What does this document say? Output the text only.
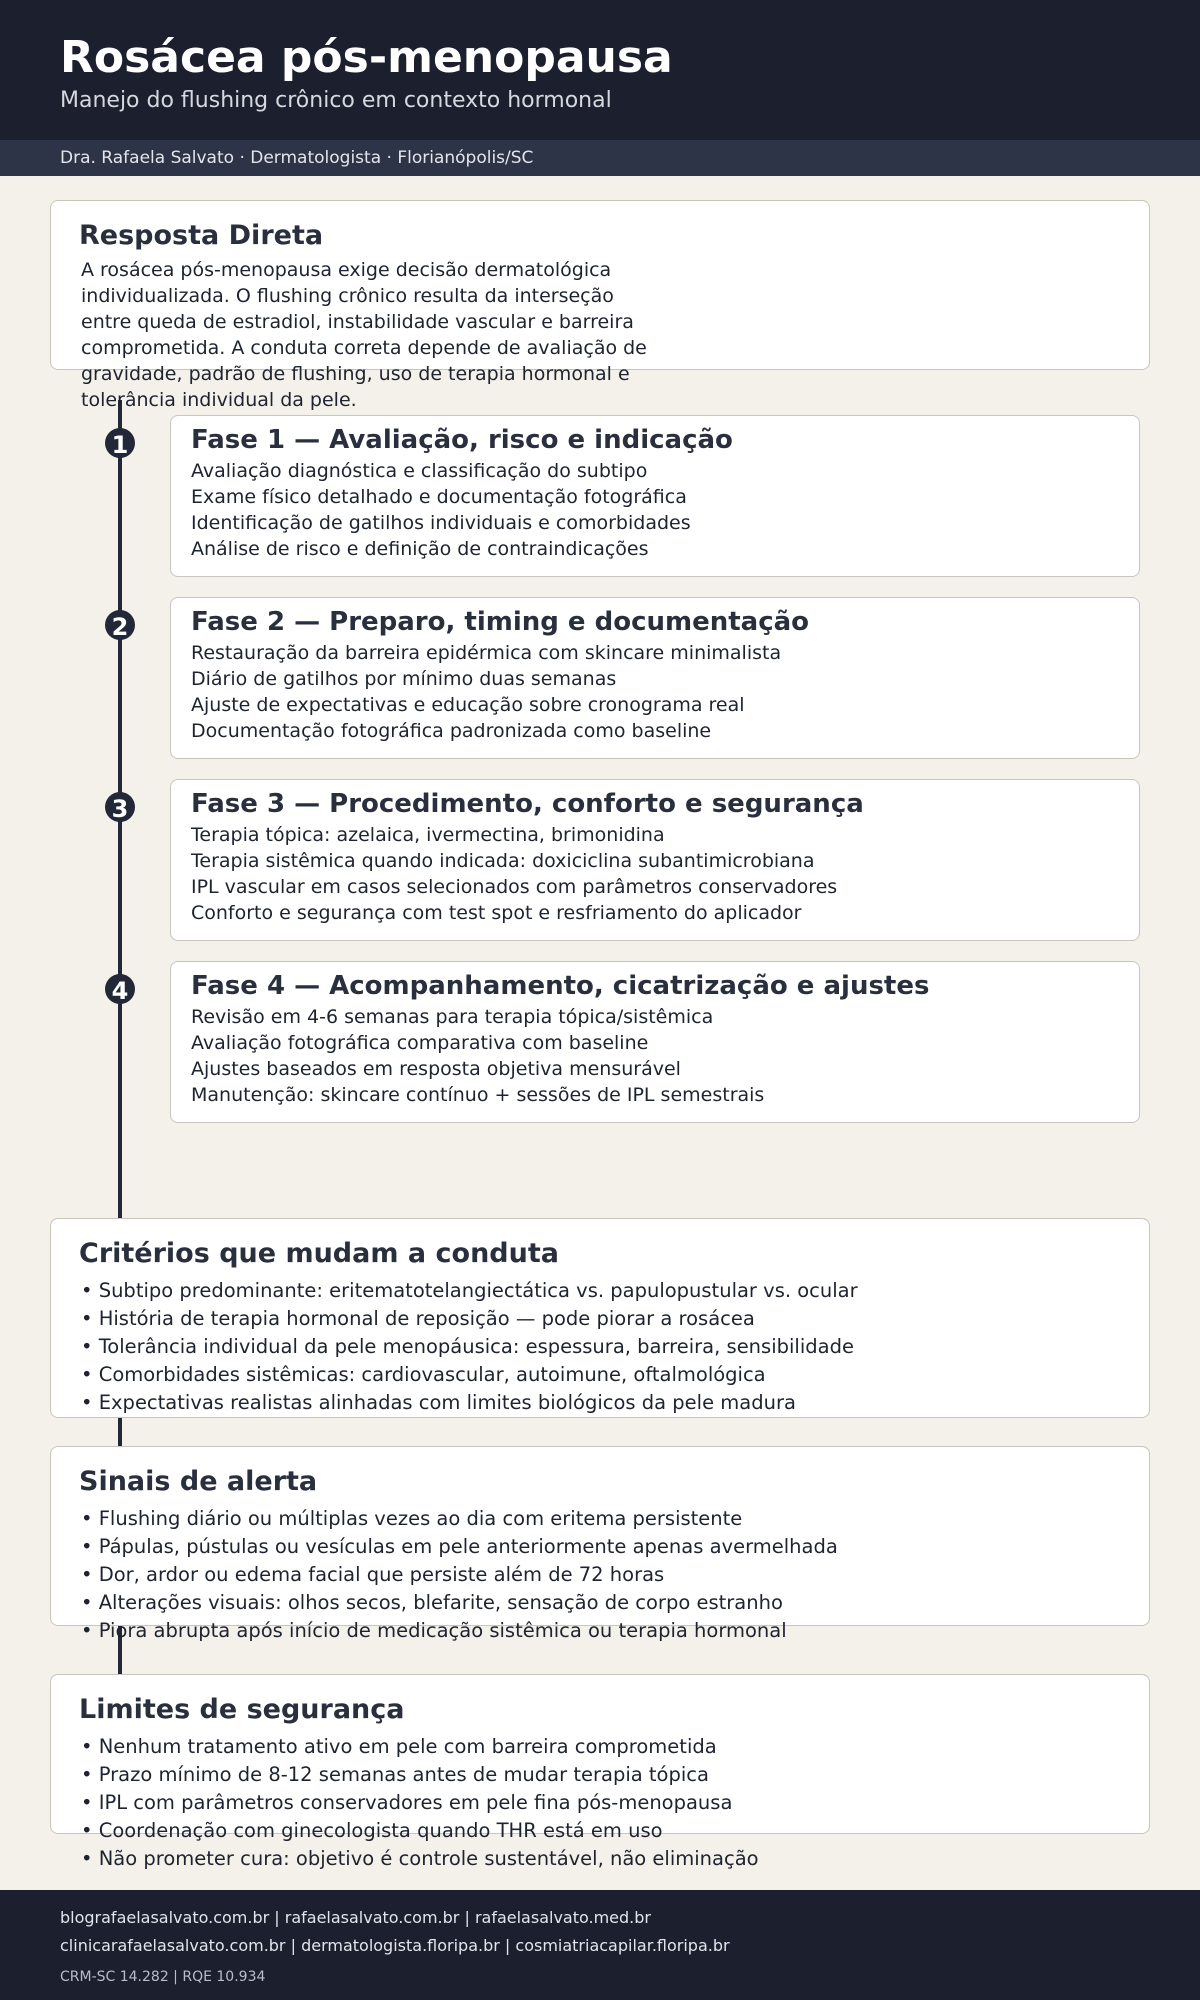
Rosácea pós-menopausa

Manejo do flushing crônico em contexto hormonal

Dra. Rafaela Salvato · Dermatologista · Florianópolis/SC
Resposta Direta

A rosácea pós-menopausa exige decisão dermatológica individualizada. O flushing crônico resulta da interseção entre queda de estradiol, instabilidade vascular e barreira comprometida. A conduta correta depende de avaliação de gravidade, padrão de flushing, uso de terapia hormonal e tolerância individual da pele.

1 Fase 1 — Avaliação, risco e indicação
Avaliação diagnóstica e classificação do subtipo
Exame físico detalhado e documentação fotográfica
Identificação de gatilhos individuais e comorbidades
Análise de risco e definição de contraindicações
2 Fase 2 — Preparo, timing e documentação
Restauração da barreira epidérmica com skincare minimalista
Diário de gatilhos por mínimo duas semanas
Ajuste de expectativas e educação sobre cronograma real
Documentação fotográfica padronizada como baseline
3 Fase 3 — Procedimento, conforto e segurança
Terapia tópica: azelaica, ivermectina, brimonidina
Terapia sistêmica quando indicada: doxiciclina subantimicrobiana
IPL vascular em casos selecionados com parâmetros conservadores
Conforto e segurança com test spot e resfriamento do aplicador
4 Fase 4 — Acompanhamento, cicatrização e ajustes
Revisão em 4-6 semanas para terapia tópica/sistêmica
Avaliação fotográfica comparativa com baseline
Ajustes baseados em resposta objetiva mensurável
Manutenção: skincare contínuo + sessões de IPL semestrais
Critérios que mudam a conduta
• Subtipo predominante: eritematotelangiectática vs. papulopustular vs. ocular
• História de terapia hormonal de reposição — pode piorar a rosácea
• Tolerância individual da pele menopáusica: espessura, barreira, sensibilidade
• Comorbidades sistêmicas: cardiovascular, autoimune, oftalmológica
• Expectativas realistas alinhadas com limites biológicos da pele madura
Sinais de alerta
• Flushing diário ou múltiplas vezes ao dia com eritema persistente
• Pápulas, pústulas ou vesículas em pele anteriormente apenas avermelhada
• Dor, ardor ou edema facial que persiste além de 72 horas
• Alterações visuais: olhos secos, blefarite, sensação de corpo estranho
• Piora abrupta após início de medicação sistêmica ou terapia hormonal
Limites de segurança
• Nenhum tratamento ativo em pele com barreira comprometida
• Prazo mínimo de 8-12 semanas antes de mudar terapia tópica
• IPL com parâmetros conservadores em pele fina pós-menopausa
• Coordenação com ginecologista quando THR está em uso
• Não prometer cura: objetivo é controle sustentável, não eliminação
blografaelasalvato.com.br | rafaelasalvato.com.br | rafaelasalvato.med.br
clinicarafaelasalvato.com.br | dermatologista.floripa.br | cosmiatriacapilar.floripa.br
CRM-SC 14.282 | RQE 10.934
